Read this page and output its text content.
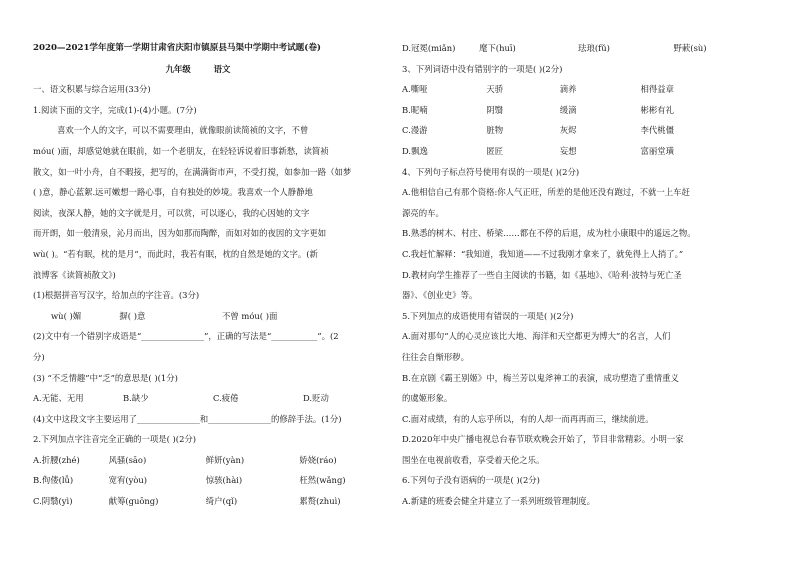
2020—2021学年度第一学期甘肃省庆阳市镇原县马渠中学期中考试题(卷)
九年级	语文
一、语文积累与综合运用(33分)
1.阅读下面的文字，完成(1)-(4)小题。(7分)
喜欢一个人的文字，可以不需要理由，就像眼前读简祯的文字，不曾
móu( )面，却感觉她就在眼前，如一个老朋友，在轻轻诉说着旧事新愁，读简祯
散文，如一叶小舟，自不暇接，把写的，在满满街市声，不受打搅，如参加一路（如梦
( )意，静心蓝絮.远可嫩想一路心事，自有独处的妙境。我喜欢一个人静静地
阅读，夜深人静，她的文字就是月，可以赏，可以逐心，我的心因她的文字
而开朗，如一般清泉，沁月而出，因为如那而陶醉，而如对如的夜因的文字更如
wù( )。“若有眠，枕的是月”，而此时，我若有眠，枕的自然是她的文字。(新
浪博客《读简祯散文》)
(1)根据拼音写汉字，给加点的字注音。(3分)
wù( )媚	摒( )意	不曾 móu( )面
(2)文中有一个错别字成语是“_______________”，正确的写法是“___________”。(2
分)
(3) “不乏情趣”中“乏”的意思是( )(1分)
A.无能、无用	B.缺少	C.疲倦	D.贬动
(4)文中这段文字主要运用了_______________和_______________的修辞手法。(1分)
2.下列加点字注音完全正确的一项是( )(2分)
A.折腰(zhé)	风骚(sāo)	鲜妍(yàn)	娇娆(ráo)
B.佝偻(lǚ)	宽宥(yòu)	惊骇(hài)	枉然(wǎng)
C.阴翳(yì)	献筹(guōng)	绮户(qǐ)	累赘(zhuì)
D.冠冕(miǎn)	麾下(huī)	珐琅(fǔ)	野蔌(sù)
3、下列词语中没有错别字的一项是( )(2分)
A.嘶哑	天骄	滴养	相得益章
B.昵喃	阴翳	缓滴	彬彬有礼
C.漫游	脏物	灰烬	李代桃僵
D.飘逸	匿匠	妄想	富丽堂璜
4、下列句子标点符号使用有误的一项是( )(2分)
A.他相信自己有那个资格:你人气正旺，所差的是他还没有跑过，不就一上车赶
源亮的车。
B.熟悉的树木、村庄、桥梁……都在不停的后退，成为杜小康眼中的遥远之物。
C.我赶忙解释：“我知道，我知道——不过我刚才拿来了，就免得上人捎了。”
D.教材向学生推荐了一些自主阅读的书籍，如《基地》、《哈利·波特与死亡圣
器》、《创业史》等。
5.下列加点的成语使用有错误的一项是( )(2分)
A.面对那句“人的心灵应该比大地、海洋和天空都更为博大”的名言，人们
往往会自惭形秽。
B.在京剧《霸王别姬》中，梅兰芳以鬼斧神工的表演，成功塑造了重情重义
的虞姬形象。
C.面对成绩，有的人忘乎所以，有的人却一而再再而三，继续前进。
D.2020年中央广播电视总台春节联欢晚会开始了，节目非常精彩。小明一家
围坐在电视前收看，享受着天伦之乐。
6.下列句子没有语病的一项是( )(2分)
A.新建的班委会健全并建立了一系列班级管理制度。
